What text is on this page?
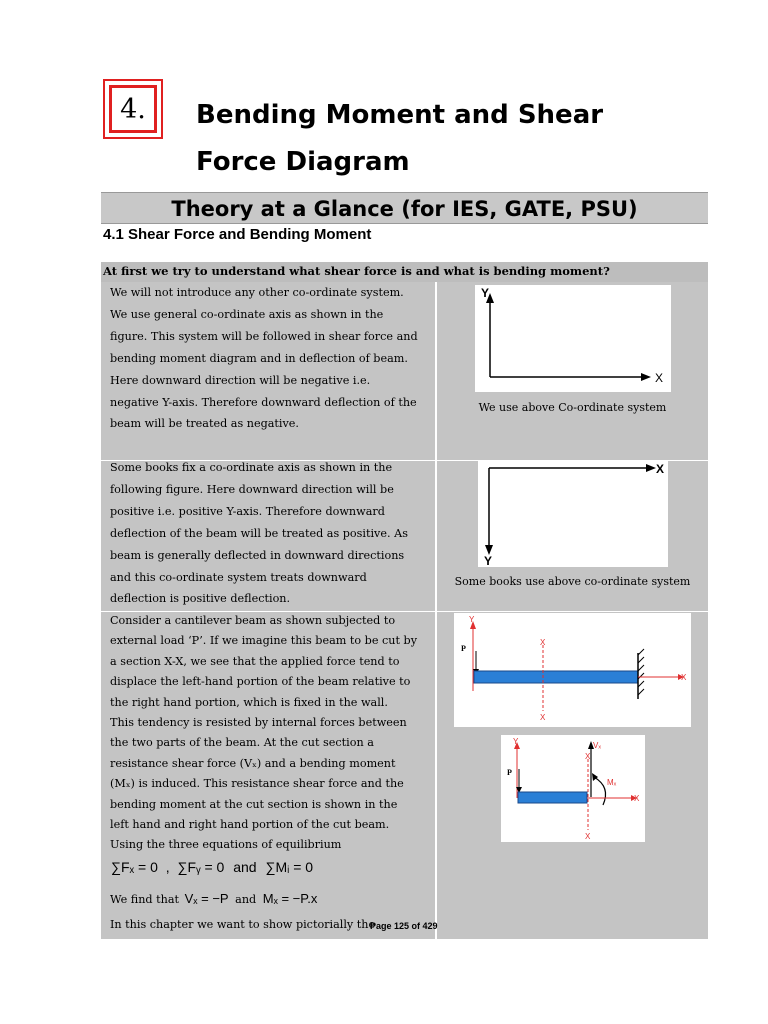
4.	Bending Moment and Shear
Force Diagram
Theory at a Glance (for IES, GATE, PSU)
4.1 Shear Force and Bending Moment
At first we try to understand what shear force is and what is bending moment?
We will not introduce any other co-ordinate system.
We use general co-ordinate axis as shown in the
figure. This system will be followed in shear force and
bending moment diagram and in deflection of beam.
Here downward direction will be negative i.e.
negative Y-axis. Therefore downward deflection of the
beam will be treated as negative.
Y
X
We use above Co-ordinate system
Some books fix a co-ordinate axis as shown in the
following figure. Here downward direction will be
positive i.e. positive Y-axis. Therefore downward
deflection of the beam will be treated as positive. As
beam is generally deflected in downward directions
and this co-ordinate system treats downward
deflection is positive deflection.
X
Y
Some books use above co-ordinate system
Consider a cantilever beam as shown subjected to
external load ‘P’. If we imagine this beam to be cut by
a section X-X, we see that the applied force tend to
displace the left-hand portion of the beam relative to
the right hand portion, which is fixed in the wall.
This tendency is resisted by internal forces between
the two parts of the beam. At the cut section a
resistance shear force (Vₓ) and a bending moment
(Mₓ) is induced. This resistance shear force and the
bending moment at the cut section is shown in the
left hand and right hand portion of the cut beam.
Using the three equations of equilibrium
Y
P
X
X
X
Y
P
Vₓ
Mₓ
X
X
X
∑Fₓ = 0 , ∑Fᵧ = 0 and ∑Mᵢ = 0
We find that Vₓ = −P and Mₓ = −P.x
In this chapter we want to show pictorially the
Page 125 of 429
